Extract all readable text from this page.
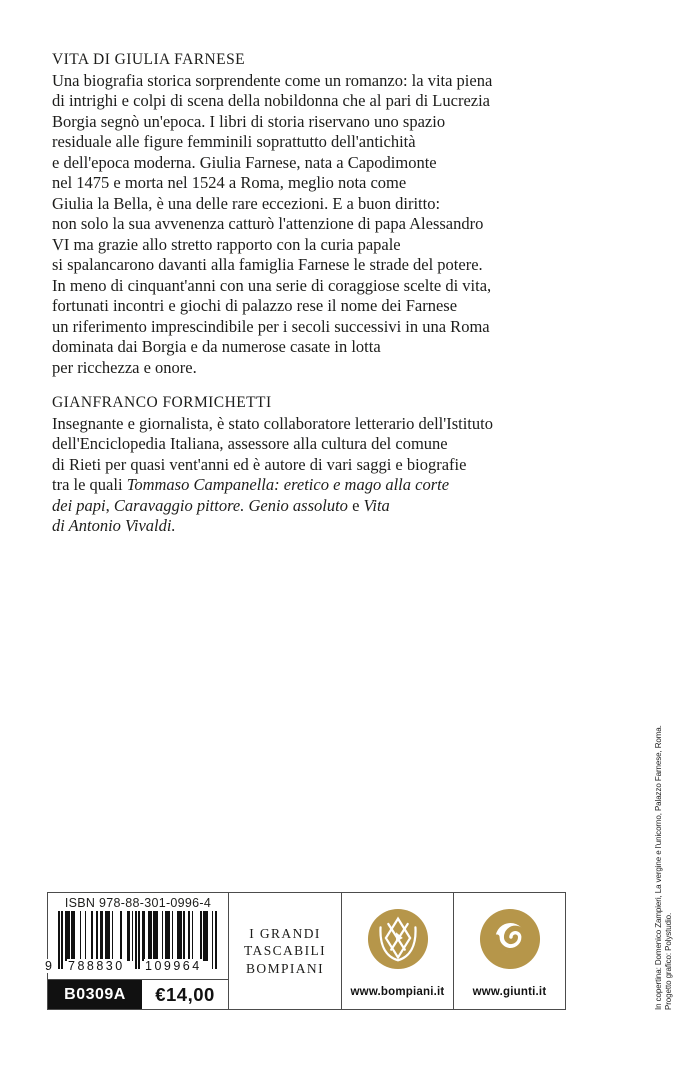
VITA DI GIULIA FARNESE
Una biografia storica sorprendente come un romanzo: la vita piena
di intrighi e colpi di scena della nobildonna che al pari di Lucrezia
Borgia segnò un'epoca. I libri di storia riservano uno spazio
residuale alle figure femminili soprattutto dell'antichità
e dell'epoca moderna. Giulia Farnese, nata a Capodimonte
nel 1475 e morta nel 1524 a Roma, meglio nota come
Giulia la Bella, è una delle rare eccezioni. E a buon diritto:
non solo la sua avvenenza catturò l'attenzione di papa Alessandro
VI ma grazie allo stretto rapporto con la curia papale
si spalancarono davanti alla famiglia Farnese le strade del potere.
In meno di cinquant'anni con una serie di coraggiose scelte di vita,
fortunati incontri e giochi di palazzo rese il nome dei Farnese
un riferimento imprescindibile per i secoli successivi in una Roma
dominata dai Borgia e da numerose casate in lotta
per ricchezza e onore.
GIANFRANCO FORMICHETTI
Insegnante e giornalista, è stato collaboratore letterario dell'Istituto
dell'Enciclopedia Italiana, assessore alla cultura del comune
di Rieti per quasi vent'anni ed è autore di vari saggi e biografie
tra le quali Tommaso Campanella: eretico e mago alla corte
dei papi, Caravaggio pittore. Genio assoluto e Vita
di Antonio Vivaldi.
In copertina: Domenico Zampieri, La vergine e l'unicorno, Palazzo Farnese, Roma. Progetto grafico: Polystudio.
ISBN 978-88-301-0996-4
9 788830 109964
B0309A	€14,00
I GRANDI
TASCABILI
BOMPIANI
www.bompiani.it www.giunti.it
